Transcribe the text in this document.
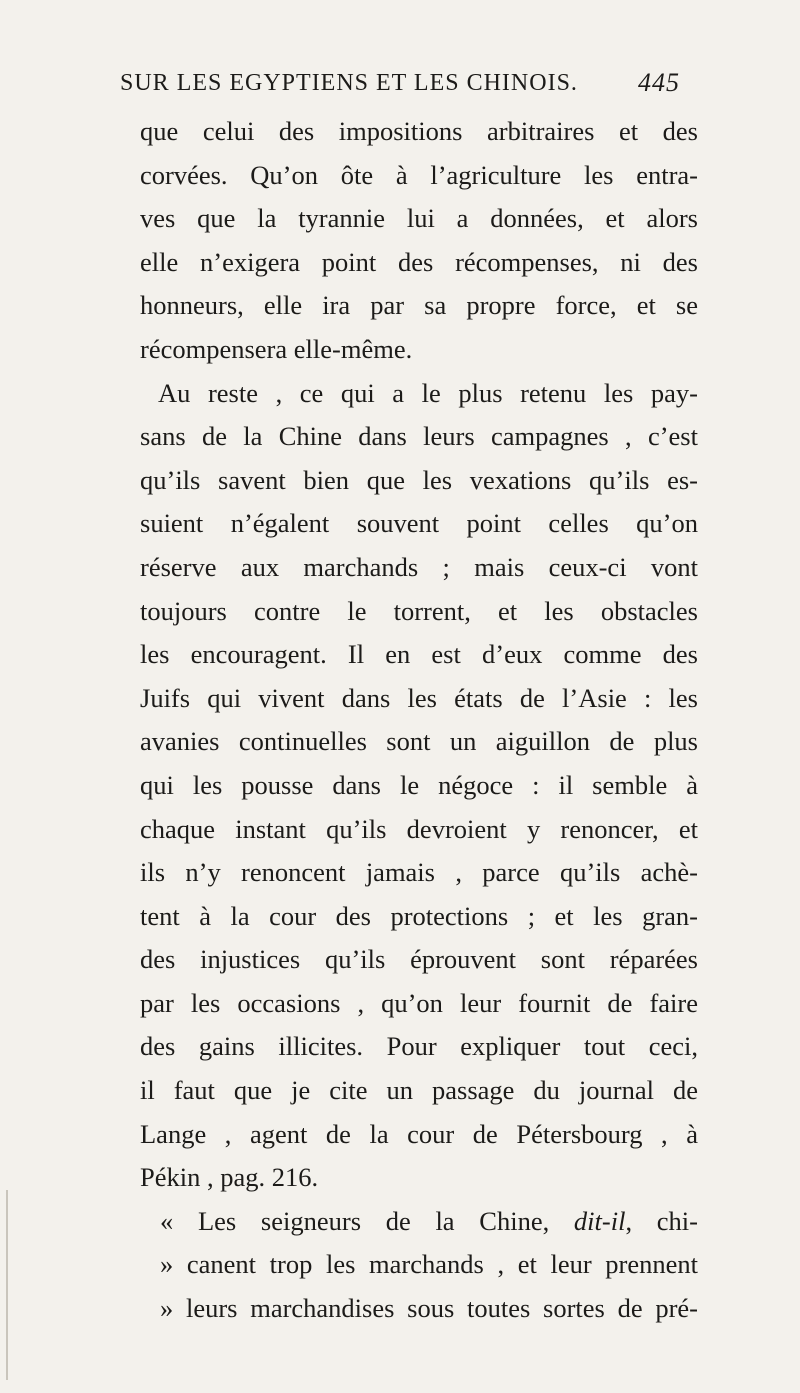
SUR LES EGYPTIENS ET LES CHINOIS. 445
que celui des impositions arbitraires et des
corvées. Qu’on ôte à l’agriculture les entra-
ves que la tyrannie lui a données, et alors
elle n’exigera point des récompenses, ni des
honneurs, elle ira par sa propre force, et se
récompensera elle-même.
Au reste , ce qui a le plus retenu les pay-
sans de la Chine dans leurs campagnes , c’est
qu’ils savent bien que les vexations qu’ils es-
suient n’égalent souvent point celles qu’on
réserve aux marchands ; mais ceux-ci vont
toujours contre le torrent, et les obstacles
les encouragent. Il en est d’eux comme des
Juifs qui vivent dans les états de l’Asie : les
avanies continuelles sont un aiguillon de plus
qui les pousse dans le négoce : il semble à
chaque instant qu’ils devroient y renoncer, et
ils n’y renoncent jamais , parce qu’ils achè-
tent à la cour des protections ; et les gran-
des injustices qu’ils éprouvent sont réparées
par les occasions , qu’on leur fournit de faire
des gains illicites. Pour expliquer tout ceci,
il faut que je cite un passage du journal de
Lange , agent de la cour de Pétersbourg , à
Pékin , pag. 216.
« Les seigneurs de la Chine, dit-il, chi-
» canent trop les marchands , et leur prennent
» leurs marchandises sous toutes sortes de pré-
